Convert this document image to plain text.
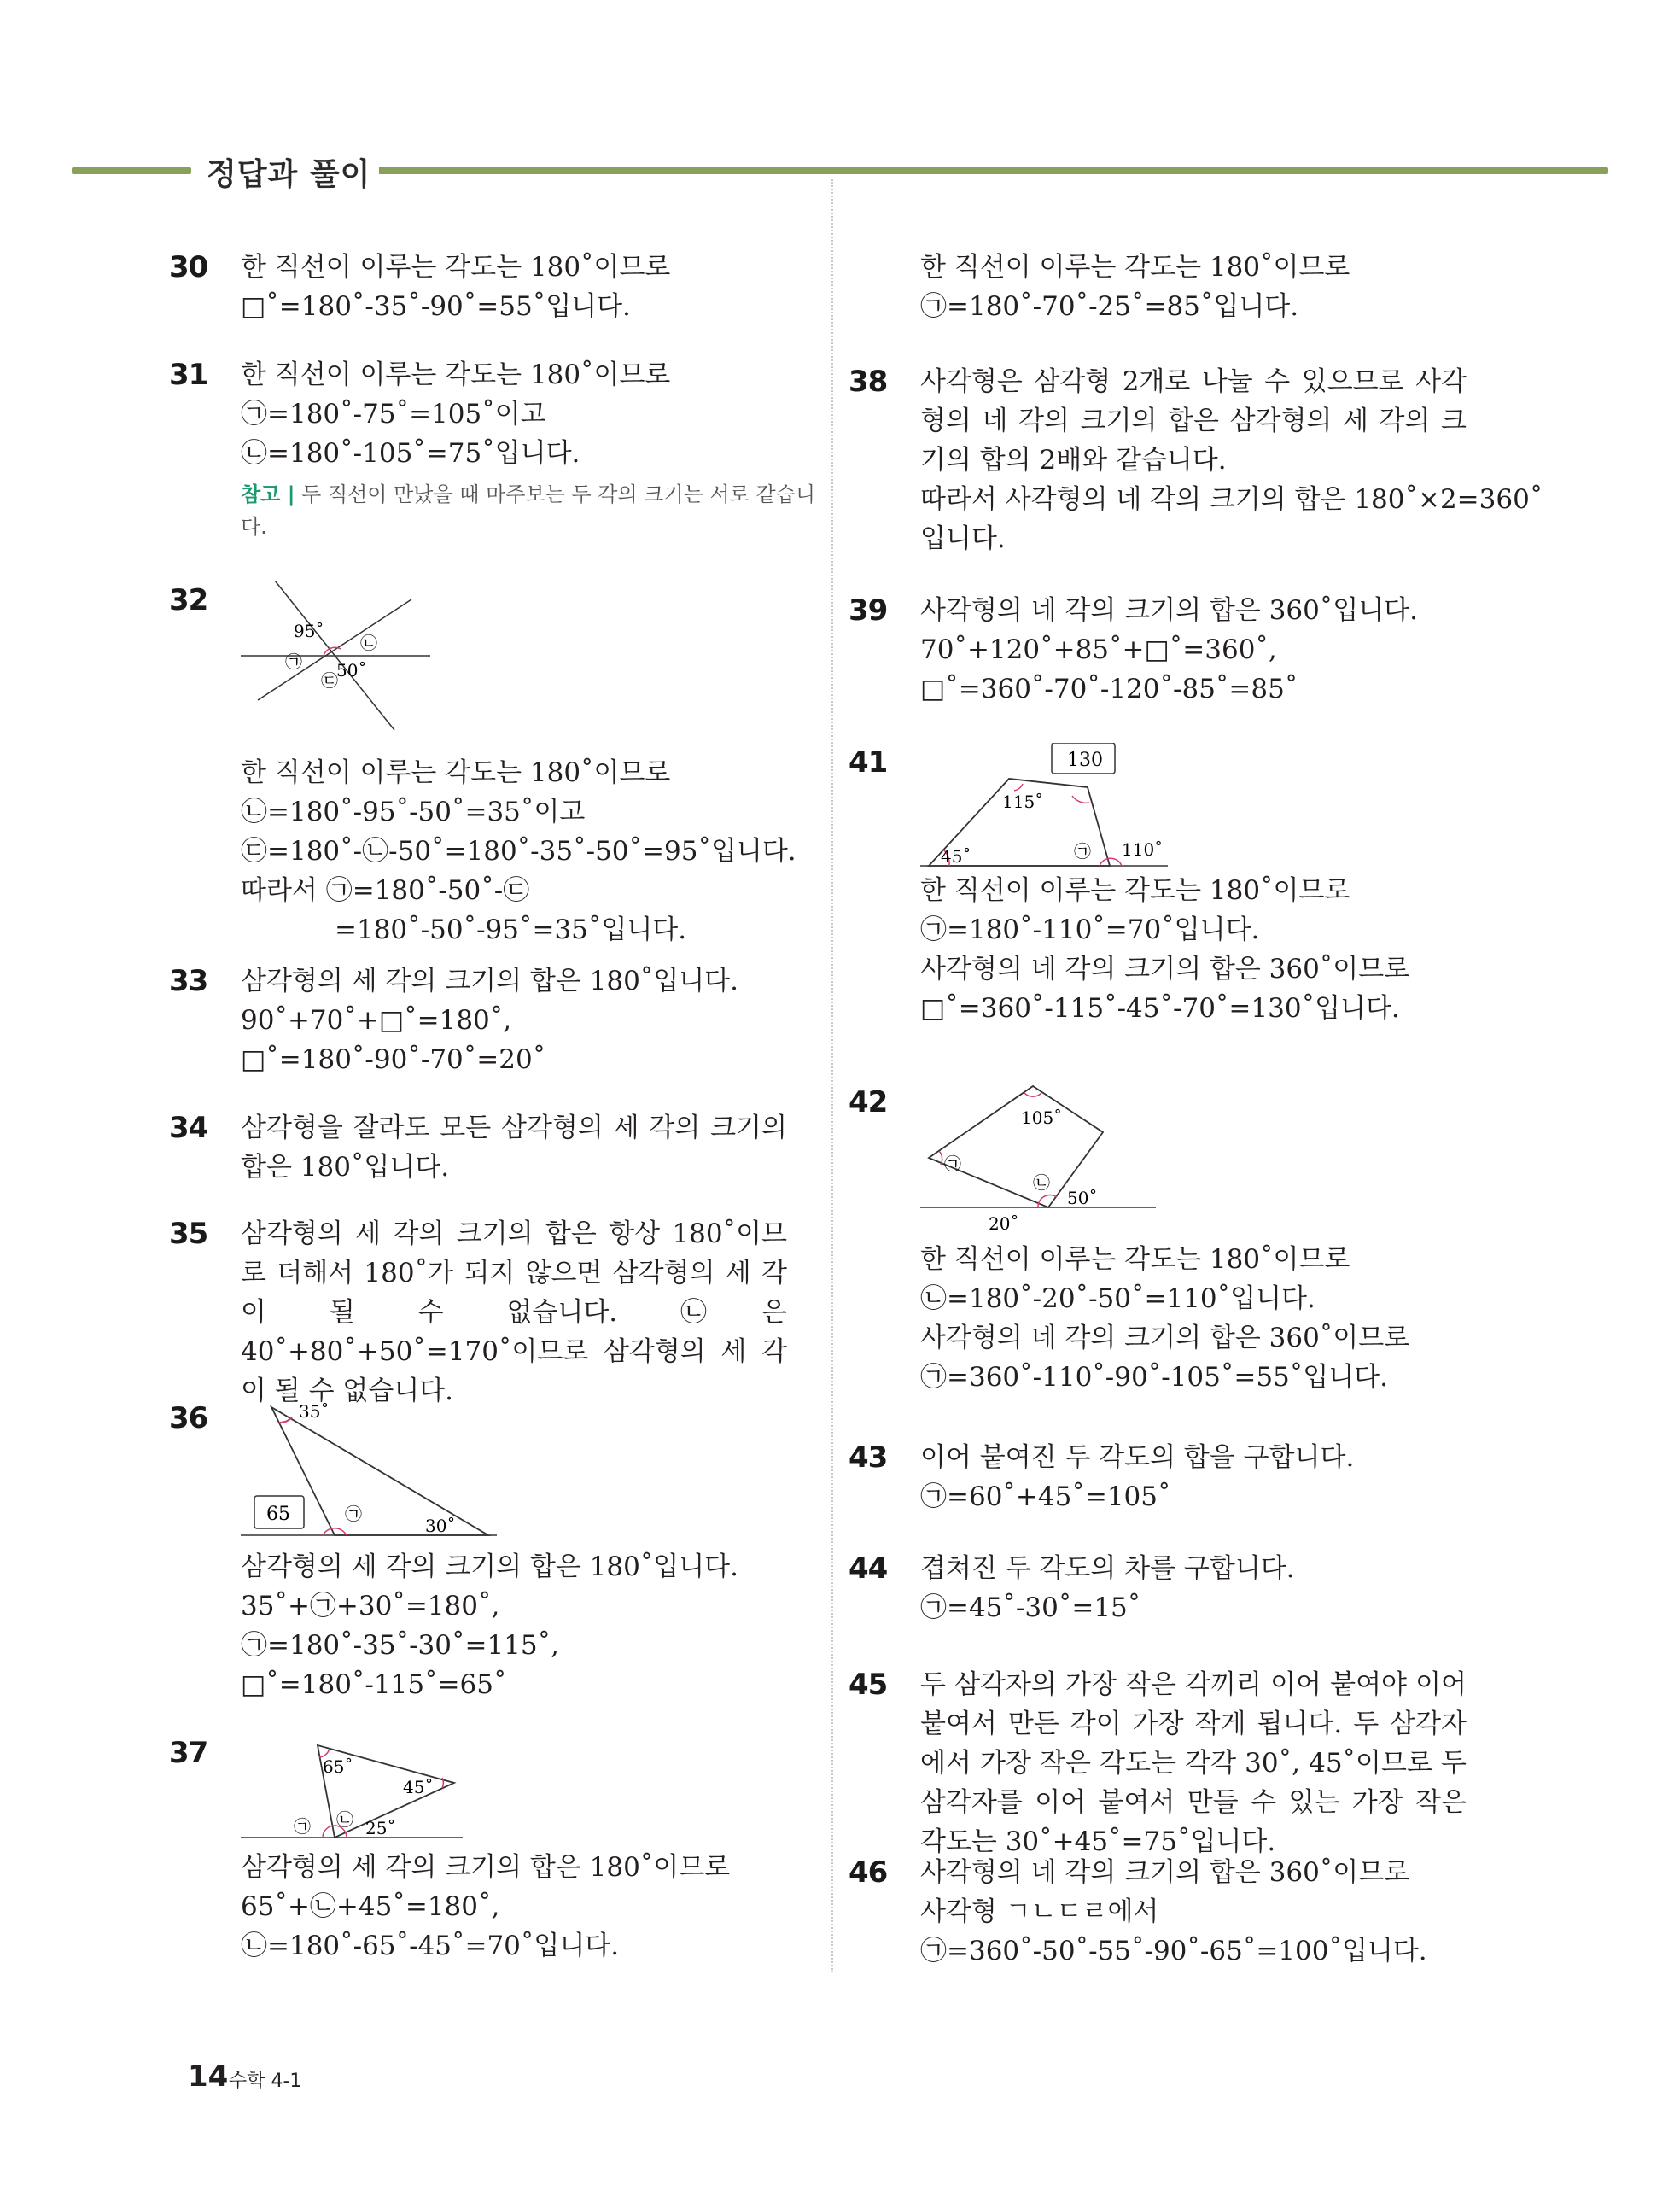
정답과 풀이
30 한 직선이 이루는 각도는 180˚이므로
□˚=180˚-35˚-90˚=55˚입니다.
31 한 직선이 이루는 각도는 180˚이므로
㉠=180˚-75˚=105˚이고
㉡=180˚-105˚=75˚입니다.
참고 | 두 직선이 만났을 때 마주보는 두 각의 크기는 서로 같습니다.
32
95˚
50˚
㉡
㉠
㉢
한 직선이 이루는 각도는 180˚이므로
㉡=180˚-95˚-50˚=35˚이고
㉢=180˚-㉡-50˚=180˚-35˚-50˚=95˚입니다.
따라서 ㉠=180˚-50˚-㉢
=180˚-50˚-95˚=35˚입니다.
33 삼각형의 세 각의 크기의 합은 180˚입니다.
90˚+70˚+□˚=180˚,
□˚=180˚-90˚-70˚=20˚
34 삼각형을 잘라도 모든 삼각형의 세 각의 크기의 합은 180˚입니다.
35 삼각형의 세 각의 크기의 합은 항상 180˚이므로 더해서 180˚가 되지 않으면 삼각형의 세 각이 될 수 없습니다. ㉡은 40˚+80˚+50˚=170˚이므로 삼각형의 세 각이 될 수 없습니다.
36	35˚
65	㉠
30˚
삼각형의 세 각의 크기의 합은 180˚입니다.
35˚+㉠+30˚=180˚,
㉠=180˚-35˚-30˚=115˚,
□˚=180˚-115˚=65˚
37	65˚
45˚
25˚
㉠ ㉡
삼각형의 세 각의 크기의 합은 180˚이므로
65˚+㉡+45˚=180˚,
㉡=180˚-65˚-45˚=70˚입니다.
한 직선이 이루는 각도는 180˚이므로
㉠=180˚-70˚-25˚=85˚입니다.
38 사각형은 삼각형 2개로 나눌 수 있으므로 사각형의 네 각의 크기의 합은 삼각형의 세 각의 크기의 합의 2배와 같습니다.
따라서 사각형의 네 각의 크기의 합은 180˚×2=360˚
입니다.
39 사각형의 네 각의 크기의 합은 360˚입니다.
70˚+120˚+85˚+□˚=360˚,
□˚=360˚-70˚-120˚-85˚=85˚
41	130
115˚
45˚	㉠ 110˚
한 직선이 이루는 각도는 180˚이므로
㉠=180˚-110˚=70˚입니다.
사각형의 네 각의 크기의 합은 360˚이므로
□˚=360˚-115˚-45˚-70˚=130˚입니다.
42	105˚
㉠
㉡
50˚
20˚
한 직선이 이루는 각도는 180˚이므로
㉡=180˚-20˚-50˚=110˚입니다.
사각형의 네 각의 크기의 합은 360˚이므로
㉠=360˚-110˚-90˚-105˚=55˚입니다.
43 이어 붙여진 두 각도의 합을 구합니다.
㉠=60˚+45˚=105˚
44 겹쳐진 두 각도의 차를 구합니다.
㉠=45˚-30˚=15˚
45 두 삼각자의 가장 작은 각끼리 이어 붙여야 이어 붙여서 만든 각이 가장 작게 됩니다. 두 삼각자에서 가장 작은 각도는 각각 30˚, 45˚이므로 두 삼각자를 이어 붙여서 만들 수 있는 가장 작은 각도는 30˚+45˚=75˚입니다.
46 사각형의 네 각의 크기의 합은 360˚이므로
사각형 ㄱㄴㄷㄹ에서
㉠=360˚-50˚-55˚-90˚-65˚=100˚입니다.
14 수학 4-1
